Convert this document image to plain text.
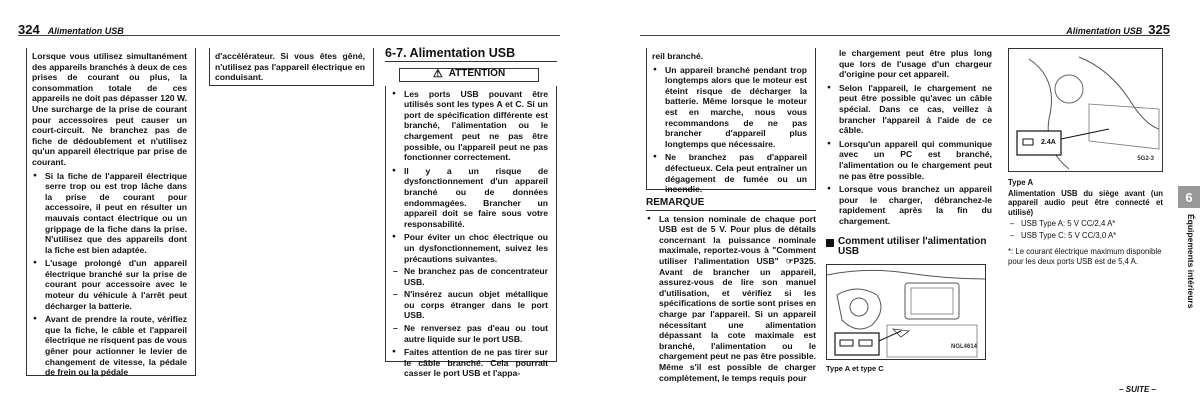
324 Alimentation USB
Lorsque vous utilisez simultanément des appareils branchés à deux de ces prises de courant ou plus, la consommation totale de ces appareils ne doit pas dépasser 120 W. Une surcharge de la prise de courant pour accessoires peut causer un court-circuit. Ne branchez pas de fiche de dédoublement et n'utilisez qu'un appareil électrique par prise de courant.
● Si la fiche de l'appareil électrique serre trop ou est trop lâche dans la prise de courant pour accessoire, il peut en résulter un mauvais contact électrique ou un grippage de la fiche dans la prise. N'utilisez que des appareils dont la fiche est bien adaptée.
● L'usage prolongé d'un appareil électrique branché sur la prise de courant pour accessoire avec le moteur du véhicule à l'arrêt peut décharger la batterie.
● Avant de prendre la route, vérifiez que la fiche, le câble et l'appareil électrique ne risquent pas de vous gêner pour actionner le levier de changement de vitesse, la pédale de frein ou la pédale
d'accélérateur. Si vous êtes gêné, n'utilisez pas l'appareil électrique en conduisant.
6-7. Alimentation USB
⚠ ATTENTION
● Les ports USB pouvant être utilisés sont les types A et C. Si un port de spécification différente est branché, l'alimentation ou le chargement peut ne pas être possible, ou l'appareil peut ne pas fonctionner correctement.
● Il y a un risque de dysfonctionnement d'un appareil branché ou de données endommagées. Brancher un appareil doit se faire sous votre responsabilité.
● Pour éviter un choc électrique ou un dysfonctionnement, suivez les précautions suivantes.
– Ne branchez pas de concentrateur USB.
– N'insérez aucun objet métallique ou corps étranger dans le port USB.
– Ne renversez pas d'eau ou tout autre liquide sur le port USB.
● Faites attention de ne pas tirer sur le câble branché. Cela pourrait casser le port USB et l'appa-
Alimentation USB 325
reil branché.
● Un appareil branché pendant trop longtemps alors que le moteur est éteint risque de décharger la batterie. Même lorsque le moteur est en marche, nous vous recommandons de ne pas brancher d'appareil plus longtemps que nécessaire.
● Ne branchez pas d'appareil défectueux. Cela peut entraîner un dégagement de fumée ou un incendie.
REMARQUE
● La tension nominale de chaque port USB est de 5 V. Pour plus de détails concernant la puissance nominale maximale, reportez-vous à "Comment utiliser l'alimentation USB" ☞P325. Avant de brancher un appareil, assurez-vous de lire son manuel d'utilisation, et vérifiez si les spécifications de sortie sont prises en charge par l'appareil. Si un appareil nécessitant une alimentation dépassant la cote maximale est branché, l'alimentation ou le chargement peut ne pas être possible. Même s'il est possible de charger complètement, le temps requis pour
le chargement peut être plus long que lors de l'usage d'un chargeur d'origine pour cet appareil.
● Selon l'appareil, le chargement ne peut être possible qu'avec un câble spécial. Dans ce cas, veillez à brancher l'appareil à l'aide de ce câble.
● Lorsqu'un appareil qui communique avec un PC est branché, l'alimentation ou le chargement peut ne pas être possible.
● Lorsque vous branchez un appareil pour le charger, débranchez-le rapidement après la fin du chargement.
Comment utiliser l'alimentation USB
NGL4614
Type A et type C
2.4A
5G2-3
Type A
Alimentation USB du siège avant (un appareil audio peut être connecté et utilisé)
– USB Type A: 5 V CC/2,4 A*
– USB Type C: 5 V CC/3,0 A*
*: Le courant électrique maximum disponible pour les deux ports USB est de 5,4 A.
6
Équipements intérieurs
– SUITE –
